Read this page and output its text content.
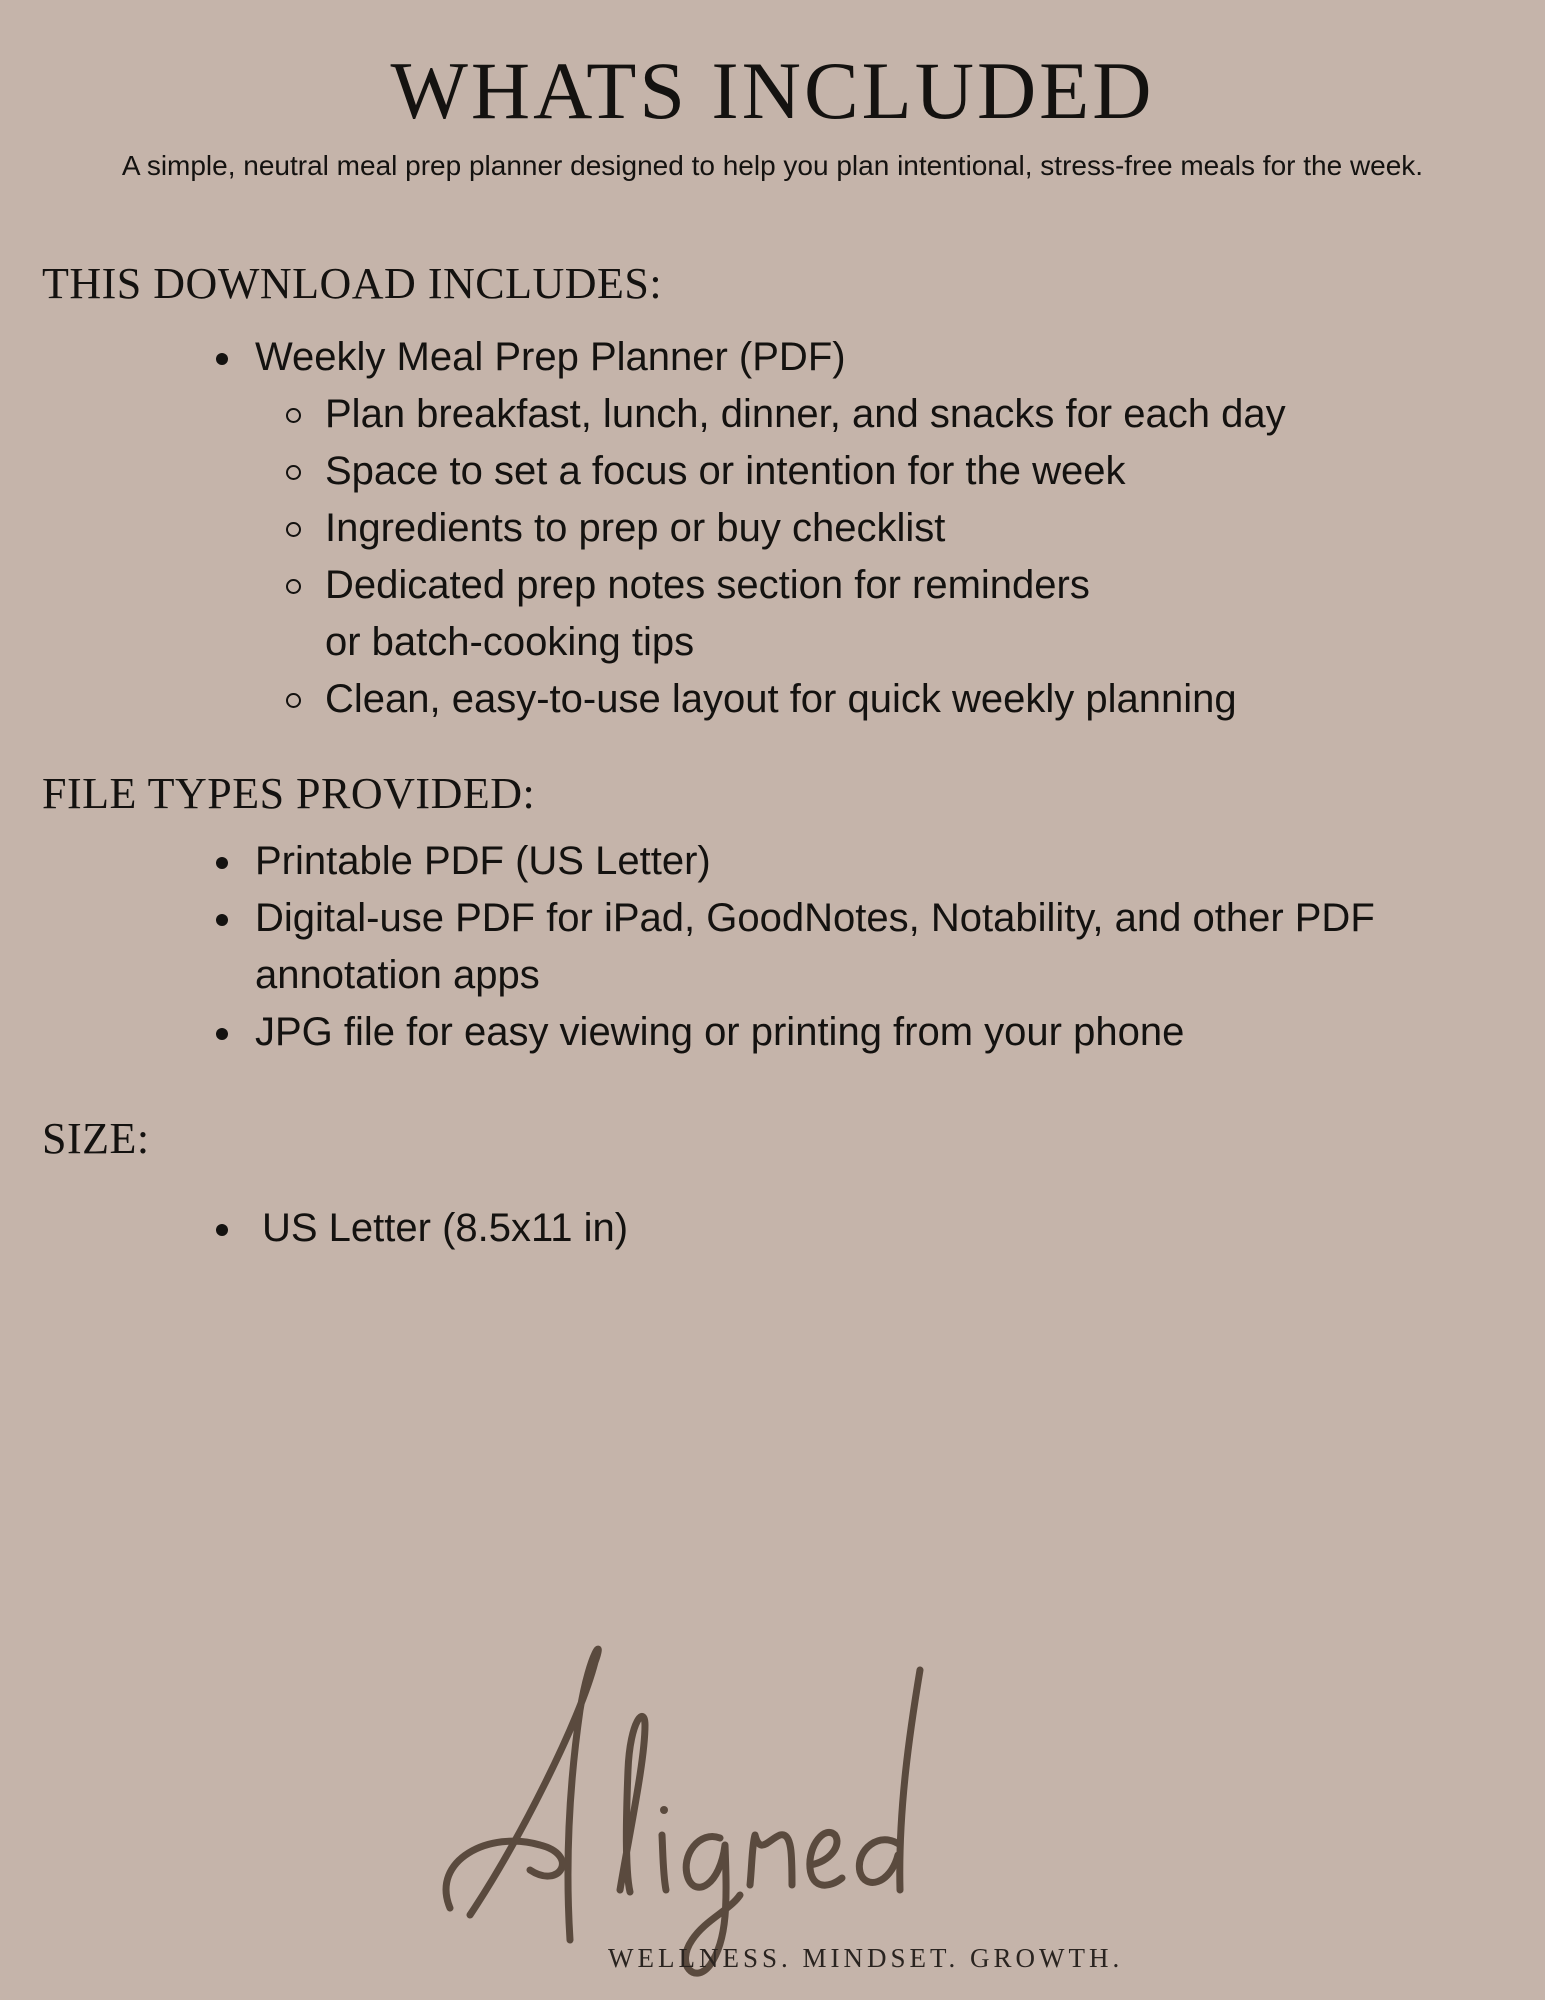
WHATS INCLUDED

A simple, neutral meal prep planner designed to help you plan intentional, stress-free meals for the week.

THIS DOWNLOAD INCLUDES:
Weekly Meal Prep Planner (PDF)
Plan breakfast, lunch, dinner, and snacks for each day
Space to set a focus or intention for the week
Ingredients to prep or buy checklist
Dedicated prep notes section for reminders or batch-cooking tips
Clean, easy-to-use layout for quick weekly planning
FILE TYPES PROVIDED:
Printable PDF (US Letter)
Digital-use PDF for iPad, GoodNotes, Notability, and other PDF annotation apps
JPG file for easy viewing or printing from your phone
SIZE:
US Letter (8.5x11 in)

WELLNESS. MINDSET. GROWTH.
